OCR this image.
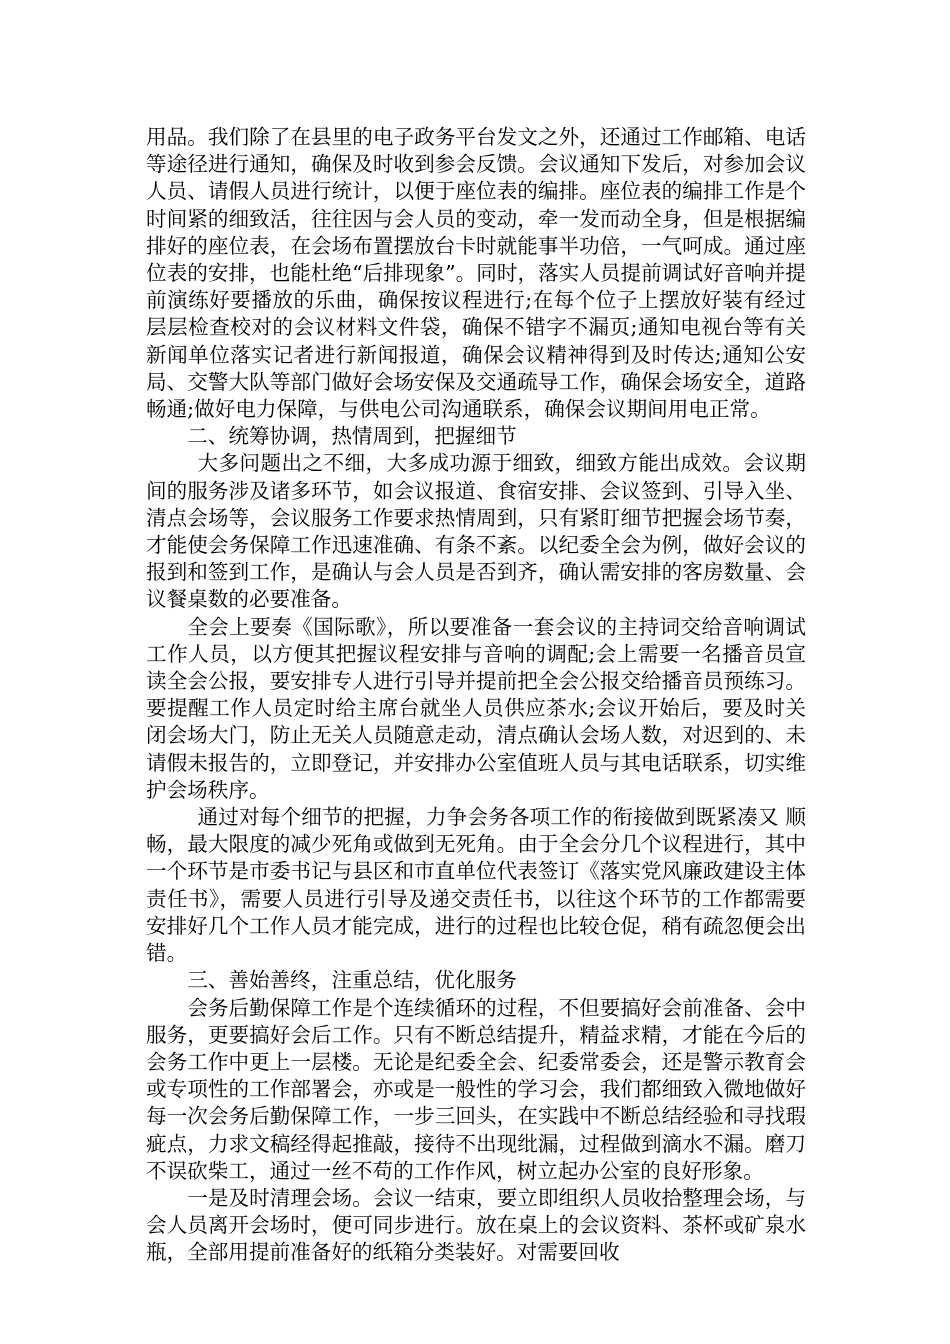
用品。我们除了在县里的电子政务平台发文之外，还通过工作邮箱、电话等途径进行通知，确保及时收到参会反馈。会议通知下发后，对参加会议人员、请假人员进行统计，以便于座位表的编排。座位表的编排工作是个时间紧的细致活，往往因与会人员的变动，牵一发而动全身，但是根据编排好的座位表，在会场布置摆放台卡时就能事半功倍，一气呵成。通过座位表的安排，也能杜绝“后排现象”。同时，落实人员提前调试好音响并提前演练好要播放的乐曲，确保按议程进行;在每个位子上摆放好装有经过层层检查校对的会议材料文件袋，确保不错字不漏页;通知电视台等有关新闻单位落实记者进行新闻报道，确保会议精神得到及时传达;通知公安局、交警大队等部门做好会场安保及交通疏导工作，确保会场安全，道路畅通;做好电力保障，与供电公司沟通联系，确保会议期间用电正常。

二、统筹协调，热情周到，把握细节

大多问题出之不细，大多成功源于细致，细致方能出成效。会议期间的服务涉及诸多环节，如会议报道、食宿安排、会议签到、引导入坐、清点会场等，会议服务工作要求热情周到，只有紧盯细节把握会场节奏，才能使会务保障工作迅速准确、有条不紊。以纪委全会为例，做好会议的报到和签到工作，是确认与会人员是否到齐，确认需安排的客房数量、会议餐桌数的必要准备。

全会上要奏《国际歌》，所以要准备一套会议的主持词交给音响调试工作人员，以方便其把握议程安排与音响的调配;会上需要一名播音员宣读全会公报，要安排专人进行引导并提前把全会公报交给播音员预练习。要提醒工作人员定时给主席台就坐人员供应茶水;会议开始后，要及时关闭会场大门，防止无关人员随意走动，清点确认会场人数，对迟到的、未请假未报告的，立即登记，并安排办公室值班人员与其电话联系，切实维护会场秩序。

通过对每个细节的把握，力争会务各项工作的衔接做到既紧凑又 顺畅，最大限度的减少死角或做到无死角。由于全会分几个议程进行，其中一个环节是市委书记与县区和市直单位代表签订《落实党风廉政建设主体责任书》，需要人员进行引导及递交责任书，以往这个环节的工作都需要安排好几个工作人员才能完成，进行的过程也比较仓促，稍有疏忽便会出错。

三、善始善终，注重总结，优化服务

会务后勤保障工作是个连续循环的过程，不但要搞好会前准备、会中服务，更要搞好会后工作。只有不断总结提升，精益求精，才能在今后的会务工作中更上一层楼。无论是纪委全会、纪委常委会，还是警示教育会或专项性的工作部署会，亦或是一般性的学习会，我们都细致入微地做好每一次会务后勤保障工作，一步三回头，在实践中不断总结经验和寻找瑕疵点，力求文稿经得起推敲，接待不出现纰漏，过程做到滴水不漏。磨刀不误砍柴工，通过一丝不苟的工作作风，树立起办公室的良好形象。

一是及时清理会场。会议一结束，要立即组织人员收拾整理会场，与会人员离开会场时，便可同步进行。放在桌上的会议资料、茶杯或矿泉水瓶，全部用提前准备好的纸箱分类装好。对需要回收
